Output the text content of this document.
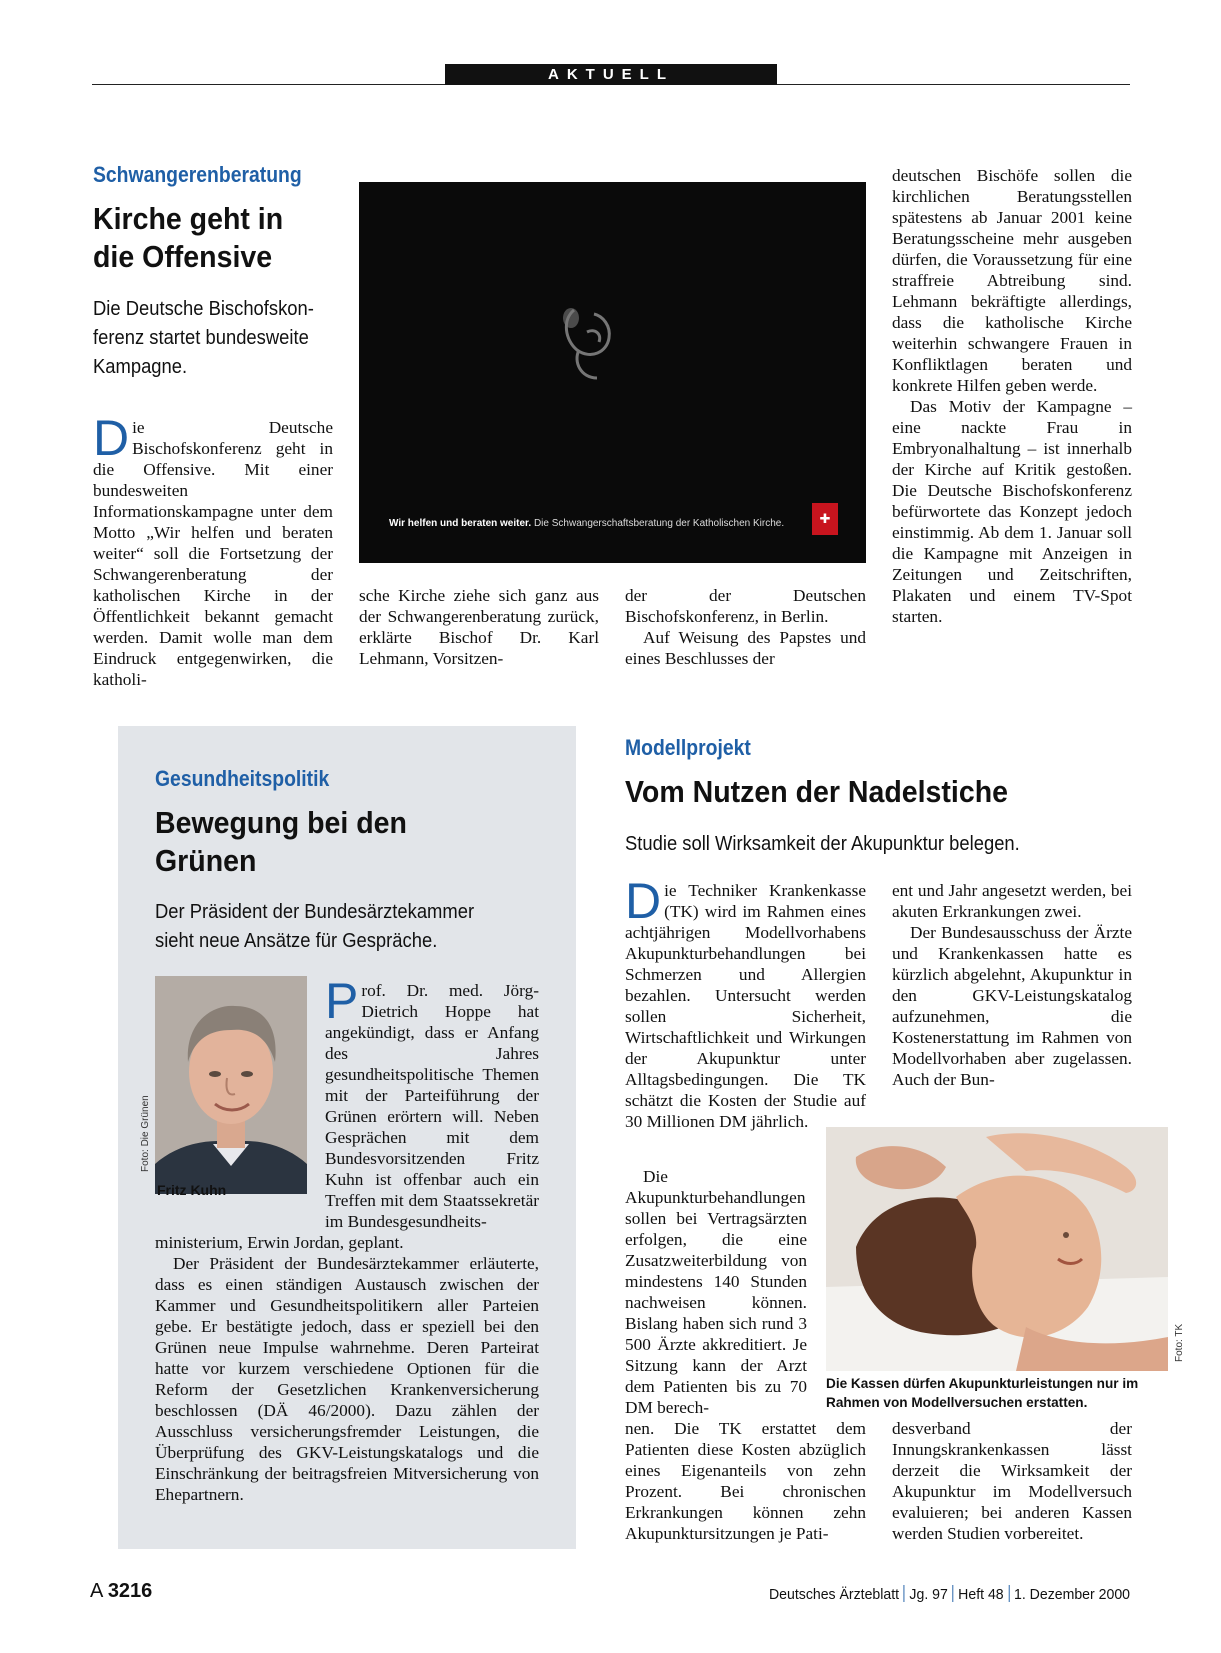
AKTUELL
Schwangerenberatung
Kirche geht in
die Offensive
Die Deutsche Bischofskon-
ferenz startet bundesweite
Kampagne.

Die Deutsche Bischofskonferenz geht in die Offensive. Mit einer bundesweiten Informationskampagne unter dem Motto „Wir helfen und beraten weiter“ soll die Fortsetzung der Schwangerenberatung der katholischen Kirche in der Öffentlichkeit bekannt gemacht werden. Damit wolle man dem Eindruck entgegenwirken, die katholi-

Wir helfen und beraten weiter. Die Schwangerschaftsberatung der Katholischen Kirche.	✚

sche Kirche ziehe sich ganz aus der Schwangerenberatung zurück, erklärte Bischof Dr. Karl Lehmann, Vorsitzen-

der der Deutschen Bischofskonferenz, in Berlin.

Auf Weisung des Papstes und eines Beschlusses der

deutschen Bischöfe sollen die kirchlichen Beratungsstellen spätestens ab Januar 2001 keine Beratungsscheine mehr ausgeben dürfen, die Voraussetzung für eine straffreie Abtreibung sind. Lehmann bekräftigte allerdings, dass die katholische Kirche weiterhin schwangere Frauen in Konfliktlagen beraten und konkrete Hilfen geben werde.

Das Motiv der Kampagne – eine nackte Frau in Embryonalhaltung – ist innerhalb der Kirche auf Kritik gestoßen. Die Deutsche Bischofskonferenz befürwortete das Konzept jedoch einstimmig. Ab dem 1. Januar soll die Kampagne mit Anzeigen in Zeitungen und Zeitschriften, Plakaten und einem TV-Spot starten.

Gesundheitspolitik
Bewegung bei den
Grünen
Der Präsident der Bundesärztekammer
sieht neue Ansätze für Gespräche.
Foto: Die Grünen
Fritz Kuhn

Prof. Dr. med. Jörg-Dietrich Hoppe hat angekündigt, dass er Anfang des Jahres gesundheitspolitische Themen mit der Parteiführung der Grünen erörtern will. Neben Gesprächen mit dem Bundesvorsitzenden Fritz Kuhn ist offenbar auch ein Treffen mit dem Staatssekretär im Bundesgesundheits-

ministerium, Erwin Jordan, geplant.

Der Präsident der Bundesärztekammer erläuterte, dass es einen ständigen Austausch zwischen der Kammer und Gesundheitspolitikern aller Parteien gebe. Er bestätigte jedoch, dass er speziell bei den Grünen neue Impulse wahrnehme. Deren Parteirat hatte vor kurzem verschiedene Optionen für die Reform der Gesetzlichen Krankenversicherung beschlossen (DÄ 46/2000). Dazu zählen der Ausschluss versicherungsfremder Leistungen, die Überprüfung des GKV-Leistungskatalogs und die Einschränkung der beitragsfreien Mitversicherung von Ehepartnern.

Modellprojekt
Vom Nutzen der Nadelstiche
Studie soll Wirksamkeit der Akupunktur belegen.

Die Techniker Krankenkasse (TK) wird im Rahmen eines achtjährigen Modellvorhabens Akupunkturbehandlungen bei Schmerzen und Allergien bezahlen. Untersucht werden sollen Sicherheit, Wirtschaftlichkeit und Wirkungen der Akupunktur unter Alltagsbedingungen. Die TK schätzt die Kosten der Studie auf 30 Millionen DM jährlich.

Die Akupunkturbehandlungen sollen bei Vertragsärzten erfolgen, die eine Zusatzweiterbildung von mindestens 140 Stunden nachweisen können. Bislang haben sich rund 3 500 Ärzte akkreditiert. Je Sitzung kann der Arzt dem Patienten bis zu 70 DM berech-

nen. Die TK erstattet dem Patienten diese Kosten abzüglich eines Eigenanteils von zehn Prozent. Bei chronischen Erkrankungen können zehn Akupunktursitzungen je Pati-

ent und Jahr angesetzt werden, bei akuten Erkrankungen zwei.

Der Bundesausschuss der Ärzte und Krankenkassen hatte es kürzlich abgelehnt, Akupunktur in den GKV-Leistungskatalog aufzunehmen, die Kostenerstattung im Rahmen von Modellvorhaben aber zugelassen. Auch der Bun-

Foto: TK
Die Kassen dürfen Akupunkturleistungen nur im Rahmen von Modellversuchen erstatten.

desverband der Innungskrankenkassen lässt derzeit die Wirksamkeit der Akupunktur im Modellversuch evaluieren; bei anderen Kassen werden Studien vorbereitet.

A 3216	Deutsches Ärzteblatt Jg. 97 Heft 48 1. Dezember 2000
